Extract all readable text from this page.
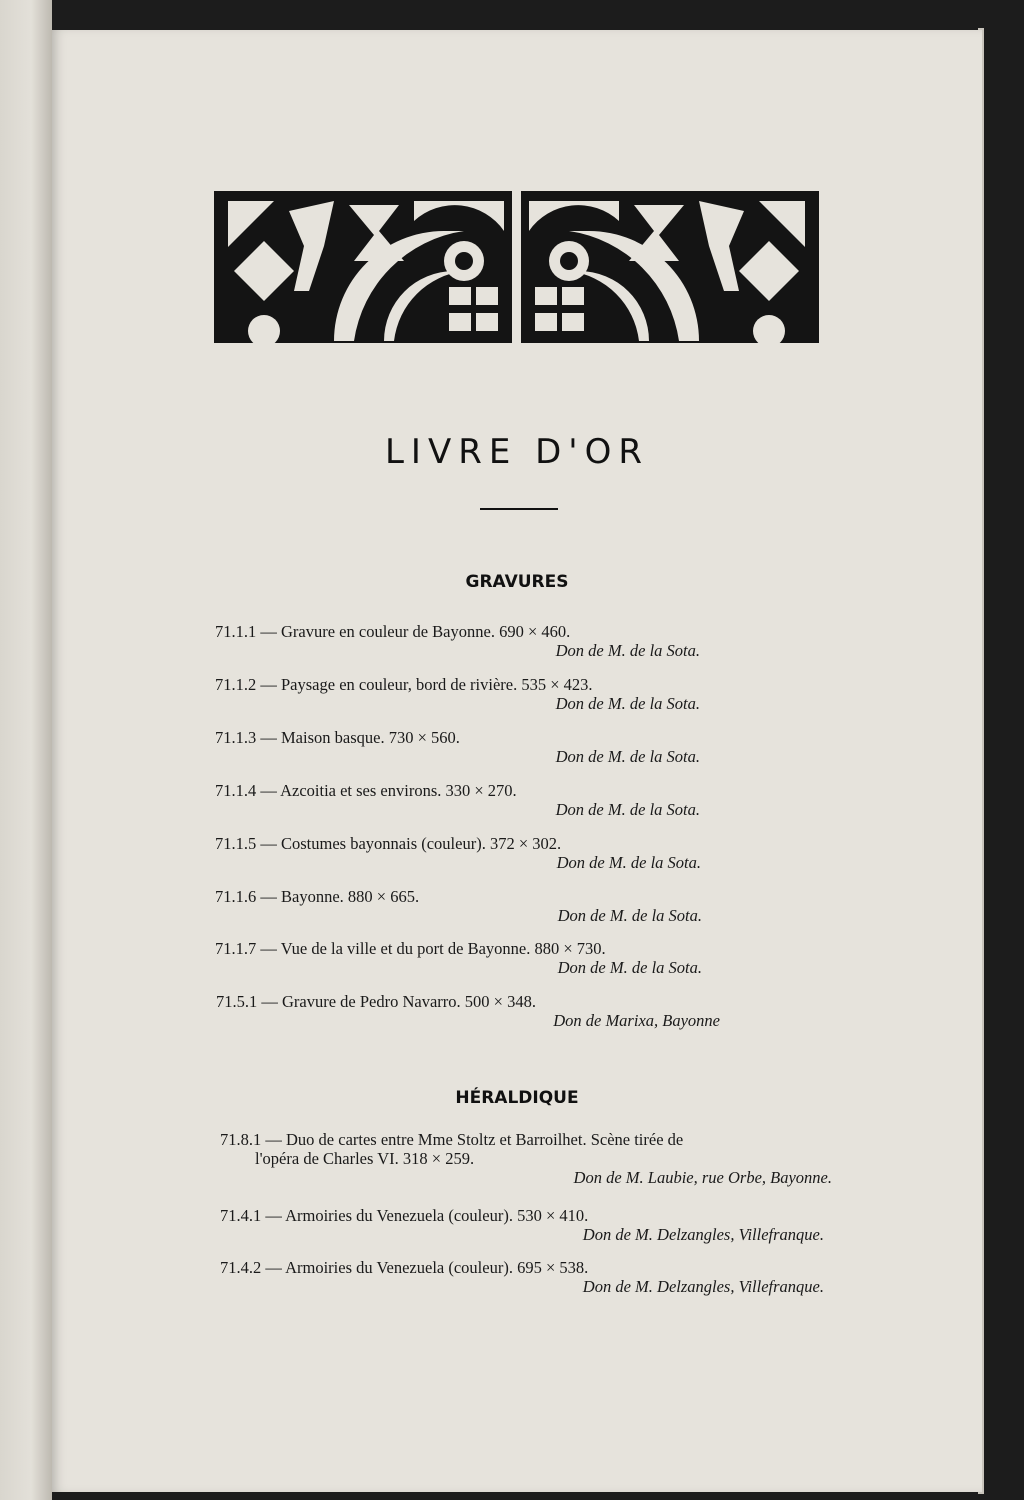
LIVRE D'OR
GRAVURES
71.1.1 — Gravure en couleur de Bayonne. 690 × 460.
Don de M. de la Sota.
71.1.2 — Paysage en couleur, bord de rivière. 535 × 423.
Don de M. de la Sota.
71.1.3 — Maison basque. 730 × 560.
Don de M. de la Sota.
71.1.4 — Azcoitia et ses environs. 330 × 270.
Don de M. de la Sota.
71.1.5 — Costumes bayonnais (couleur). 372 × 302.
Don de M. de la Sota.
71.1.6 — Bayonne. 880 × 665.
Don de M. de la Sota.
71.1.7 — Vue de la ville et du port de Bayonne. 880 × 730.
Don de M. de la Sota.
71.5.1 — Gravure de Pedro Navarro. 500 × 348.
Don de Marixa, Bayonne
HÉRALDIQUE
71.8.1 — Duo de cartes entre Mme Stoltz et Barroilhet. Scène tirée de
l'opéra de Charles VI. 318 × 259.
Don de M. Laubie, rue Orbe, Bayonne.
71.4.1 — Armoiries du Venezuela (couleur). 530 × 410.
Don de M. Delzangles, Villefranque.
71.4.2 — Armoiries du Venezuela (couleur). 695 × 538.
Don de M. Delzangles, Villefranque.
